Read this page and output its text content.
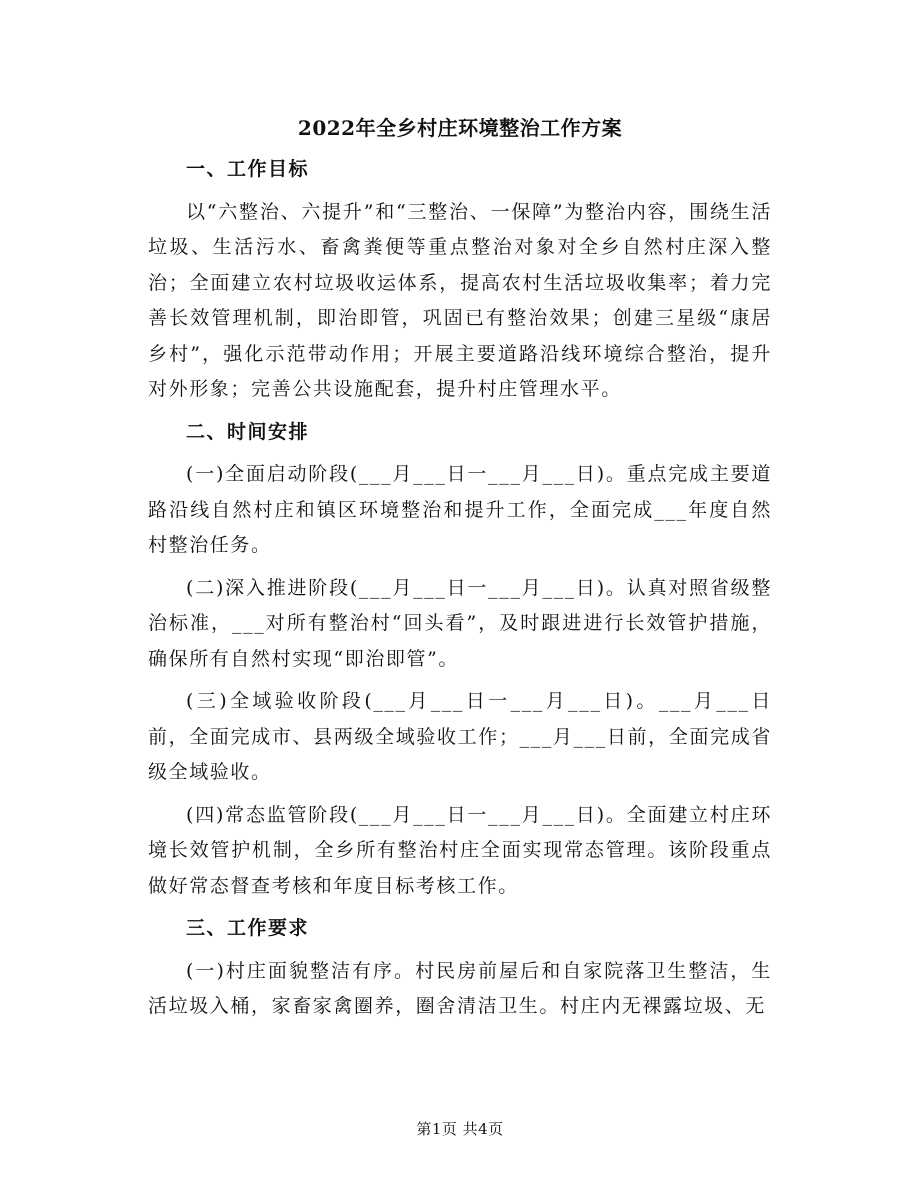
2022年全乡村庄环境整治工作方案
一、工作目标

以“六整治、六提升”和“三整治、一保障”为整治内容，围绕生活垃圾、生活污水、畜禽粪便等重点整治对象对全乡自然村庄深入整治；全面建立农村垃圾收运体系，提高农村生活垃圾收集率；着力完善长效管理机制，即治即管，巩固已有整治效果；创建三星级“康居乡村”，强化示范带动作用；开展主要道路沿线环境综合整治，提升对外形象；完善公共设施配套，提升村庄管理水平。

二、时间安排

(一)全面启动阶段(___月___日一___月___日)。重点完成主要道路沿线自然村庄和镇区环境整治和提升工作，全面完成___年度自然村整治任务。

(二)深入推进阶段(___月___日一___月___日)。认真对照省级整治标准，___对所有整治村“回头看”，及时跟进进行长效管护措施，确保所有自然村实现“即治即管”。

(三)全域验收阶段(___月___日一___月___日)。___月___日前，全面完成市、县两级全域验收工作；___月___日前，全面完成省级全域验收。

(四)常态监管阶段(___月___日一___月___日)。全面建立村庄环境长效管护机制，全乡所有整治村庄全面实现常态管理。该阶段重点做好常态督查考核和年度目标考核工作。

三、工作要求

(一)村庄面貌整洁有序。村民房前屋后和自家院落卫生整洁，生活垃圾入桶，家畜家禽圈养，圈舍清洁卫生。村庄内无裸露垃圾、无

第1页 共4页
